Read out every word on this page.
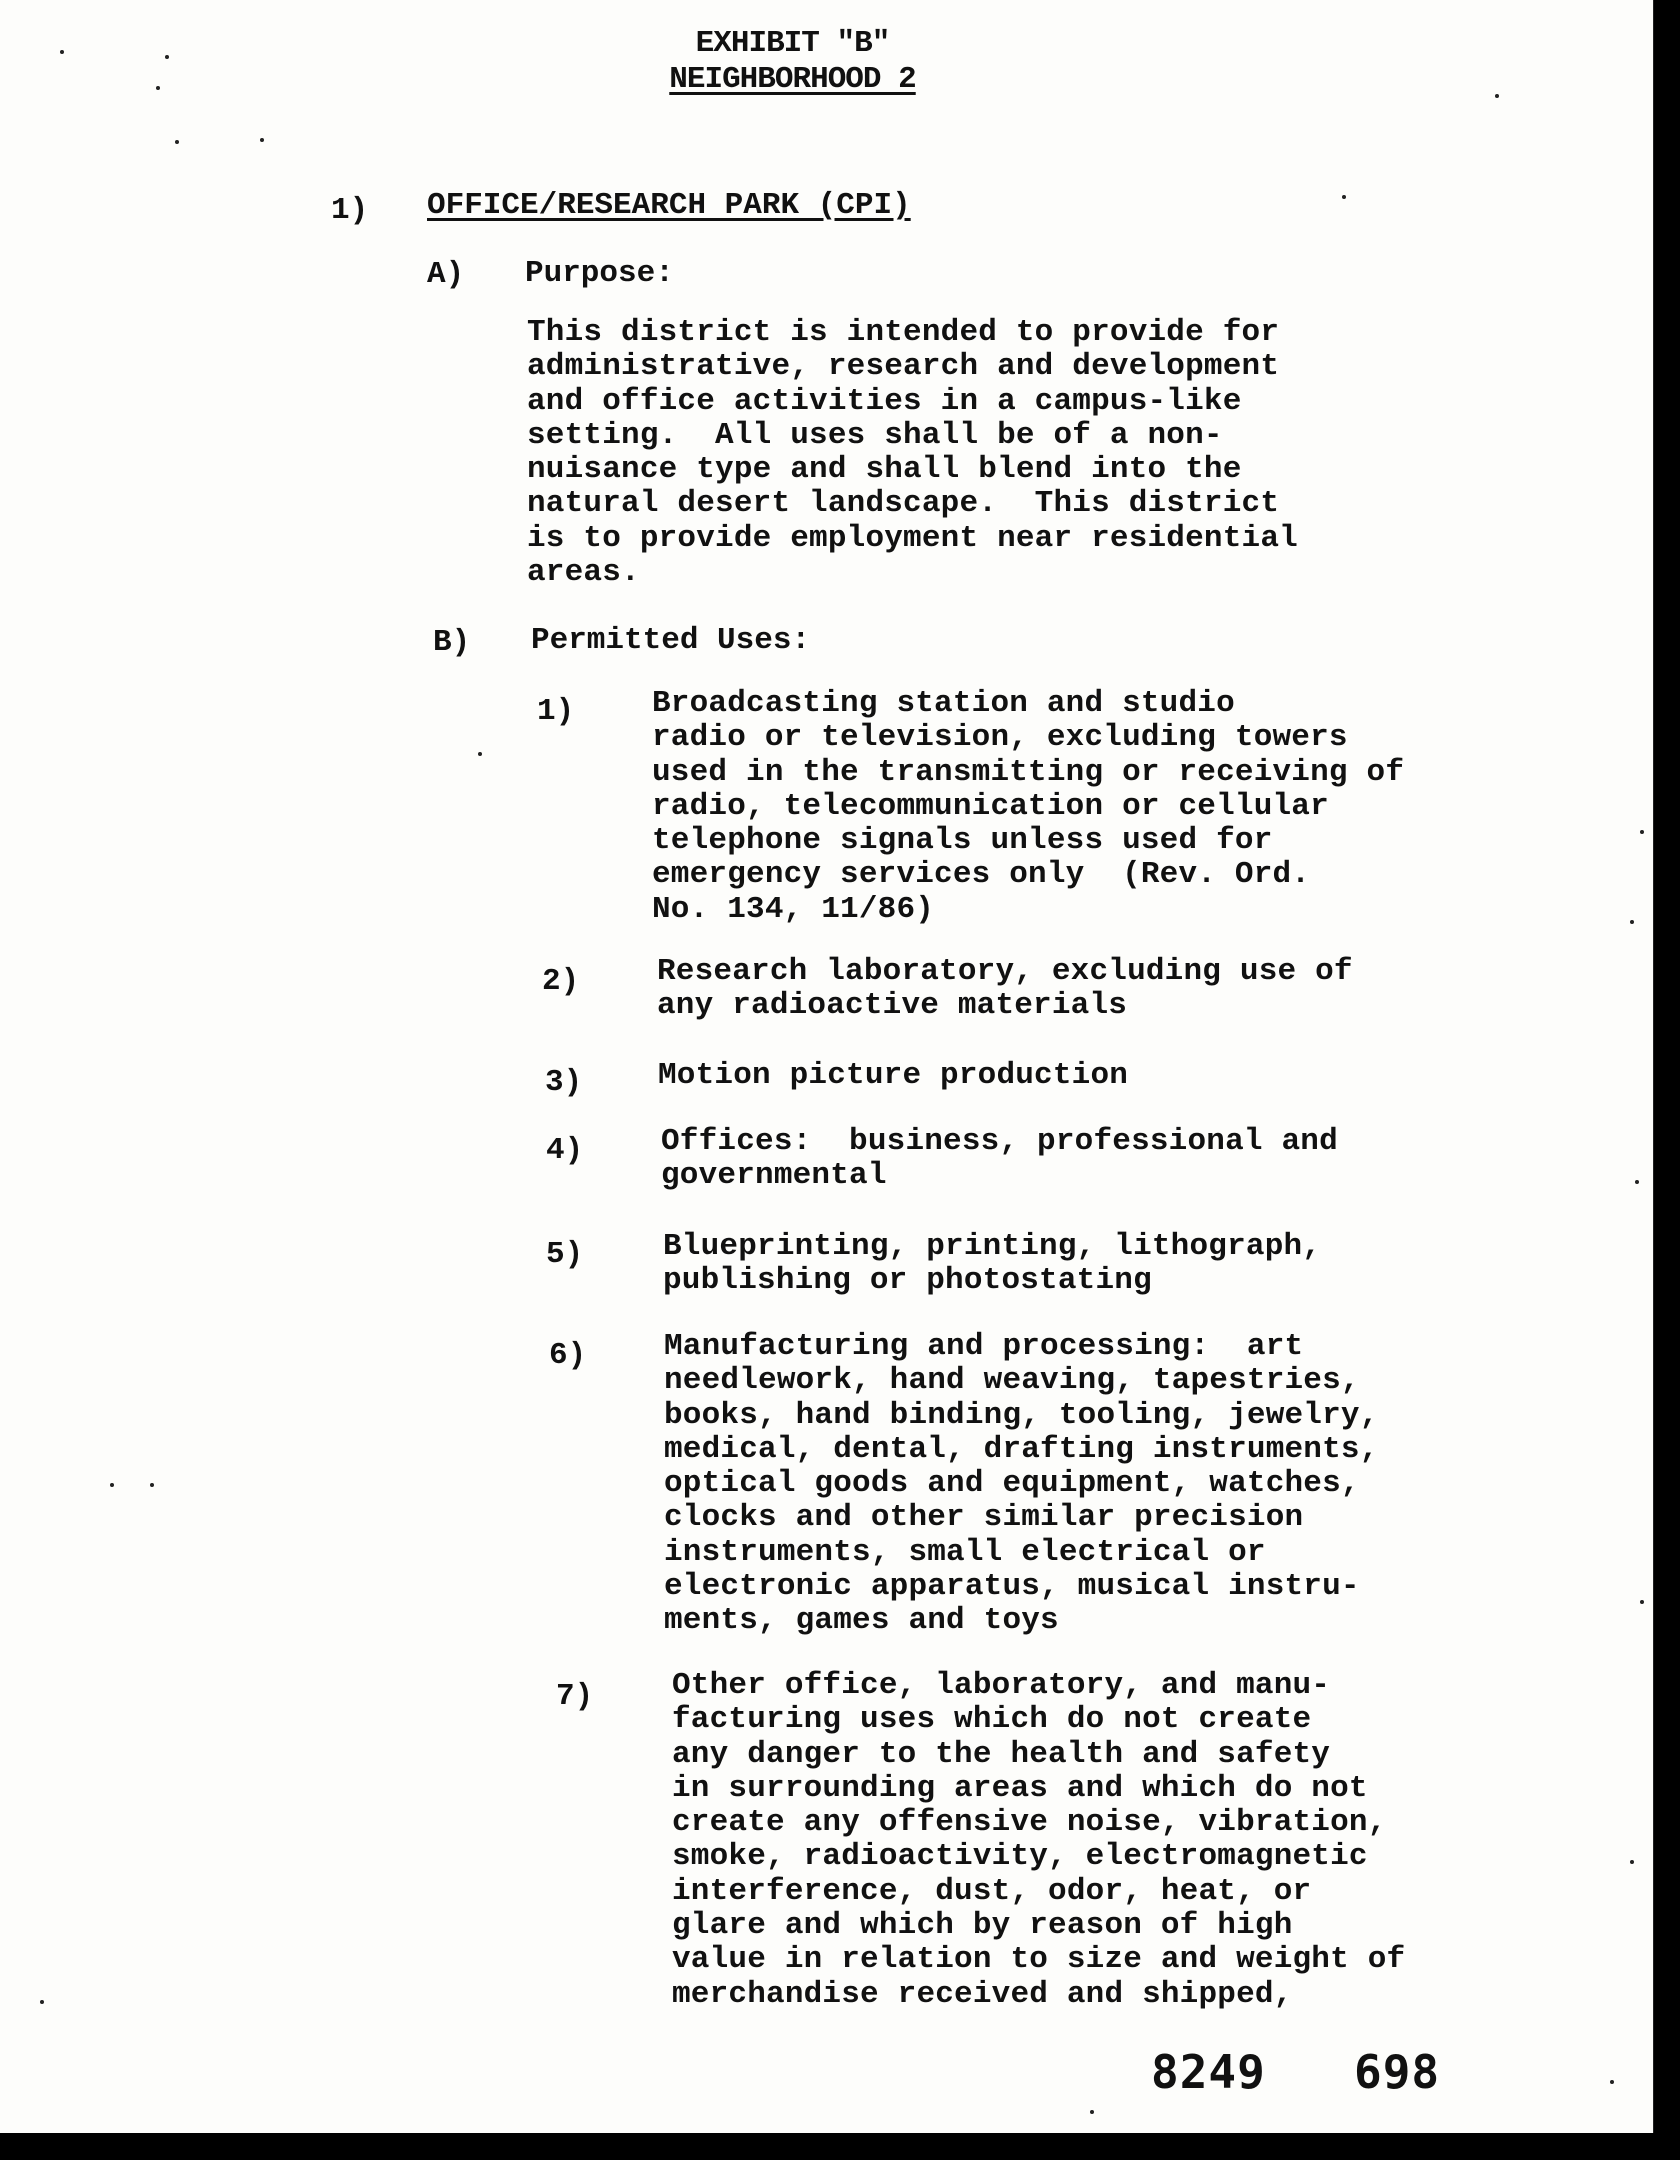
EXHIBIT "B"
NEIGHBORHOOD 2
1) OFFICE/RESEARCH PARK (CPI)
A) Purpose:
This district is intended to provide for
administrative, research and development
and office activities in a campus-like
setting.  All uses shall be of a non-
nuisance type and shall blend into the
natural desert landscape.  This district
is to provide employment near residential
areas.
B) Permitted Uses:
1)	Broadcasting station and studio
radio or television, excluding towers
used in the transmitting or receiving of
radio, telecommunication or cellular
telephone signals unless used for
emergency services only  (Rev. Ord.
No. 134, 11/86)
2)	Research laboratory, excluding use of
any radioactive materials
3) Motion picture production
4)	Offices:  business, professional and
governmental
5)	Blueprinting, printing, lithograph,
publishing or photostating
6)	Manufacturing and processing:  art
needlework, hand weaving, tapestries,
books, hand binding, tooling, jewelry,
medical, dental, drafting instruments,
optical goods and equipment, watches,
clocks and other similar precision
instruments, small electrical or
electronic apparatus, musical instru-
ments, games and toys
7)	Other office, laboratory, and manu-
facturing uses which do not create
any danger to the health and safety
in surrounding areas and which do not
create any offensive noise, vibration,
smoke, radioactivity, electromagnetic
interference, dust, odor, heat, or
glare and which by reason of high
value in relation to size and weight of
merchandise received and shipped,
8249 698
